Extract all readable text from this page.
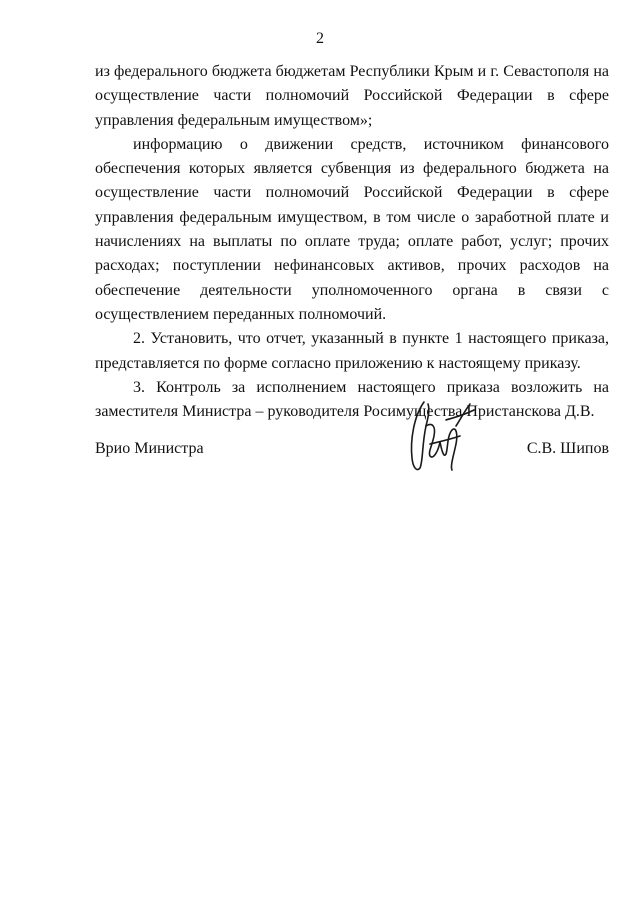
2

из федерального бюджета бюджетам Республики Крым и г. Севастополя на осуществление части полномочий Российской Федерации в сфере управления федеральным имуществом»;

информацию о движении средств, источником финансового обеспечения которых является субвенция из федерального бюджета на осуществление части полномочий Российской Федерации в сфере управления федеральным имуществом, в том числе о заработной плате и начислениях на выплаты по оплате труда; оплате работ, услуг; прочих расходах; поступлении нефинансовых активов, прочих расходов на обеспечение деятельности уполномоченного органа в связи с осуществлением переданных полномочий.

2. Установить, что отчет, указанный в пункте 1 настоящего приказа, представляется по форме согласно приложению к настоящему приказу.

3. Контроль за исполнением настоящего приказа возложить на заместителя Министра – руководителя Росимущества Пристанскова Д.В.

Врио Министра	С.В. Шипов
